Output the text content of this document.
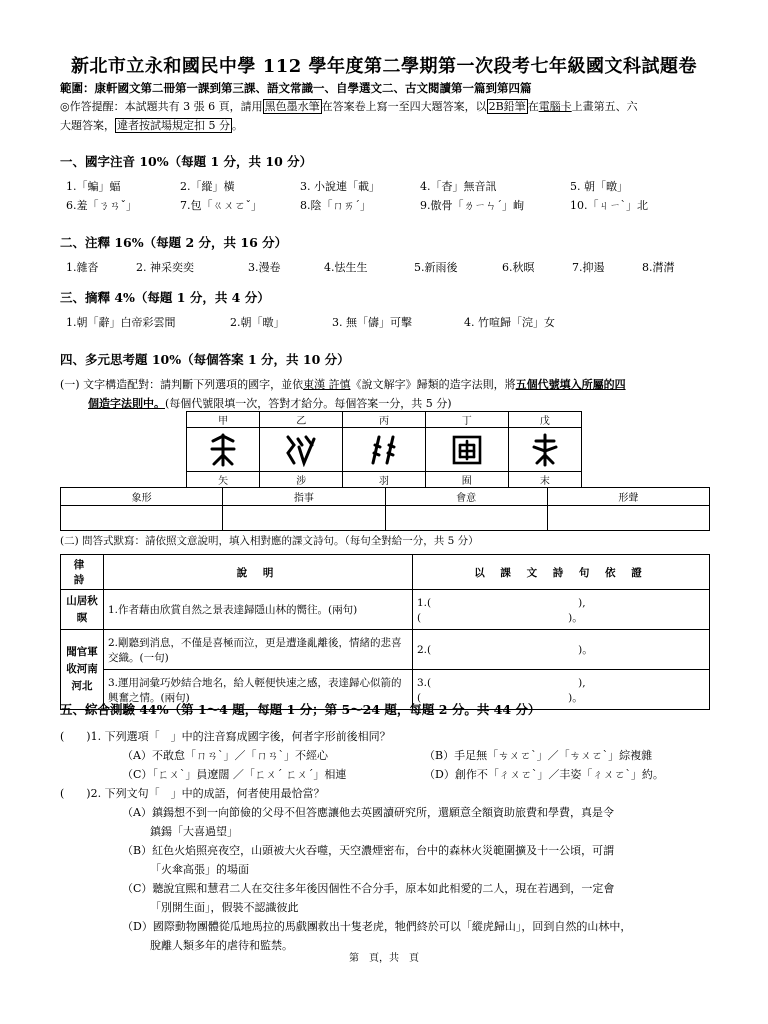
新北市立永和國民中學 112 學年度第二學期第一次段考七年級國文科試題卷
範圍：康軒國文第二冊第一課到第三課、語文常識一、自學選文二、古文閱讀第一篇到第四篇
◎作答提醒：本試題共有 3 張 6 頁，請用 黑色墨水筆 在答案卷上寫一至四大題答案，以 2B鉛筆 在電腦卡上畫第五、六
大題答案， 違者按試場規定扣 5 分 。
一、國字注音 10%（每題 1 分，共 10 分）
1.「蝙」蝠	2.「縱」橫	3. 小說連「載」	4.「杳」無音訊	5. 朝「暾」
6.羞「ㄋㄢˇ」	7.包「ㄍㄨㄛˇ」	8.陰「ㄇㄞˊ」	9.傲骨「ㄌㄧㄣˊ」峋	10.「ㄐㄧˋ」北
二、注釋 16%（每題 2 分，共 16 分）
1.雜沓	2. 神采奕奕	3.漫卷	4.怯生生	5.新雨後	6.秋暝	7.抑遏	8.潸潸
三、摘釋 4%（每題 1 分，共 4 分）
1.朝「辭」白帝彩雲間	2.朝「暾」	3. 無「儔」可擊	4. 竹喧歸「浣」女
四、多元思考題 10%（每個答案 1 分，共 10 分）
(一) 文字構造配對：請判斷下列選項的國字，並依東漢 許慎《說文解字》歸類的造字法則，將五個代號填入所屬的四
個造字法則中。(每個代號限填一次，答對才給分。每個答案一分，共 5 分)
甲	乙	丙	丁	戊

矢	涉	羽	囿	末
象形	指事	會意	形聲

(二) 問答式默寫：請依照文意說明，填入相對應的課文詩句。（每句全對給一分，共 5 分）
律 詩	說 明	以 課 文 詩 句 依 證
山居秋暝	1.作者藉由欣賞自然之景表達歸隱山林的嚮往。(兩句)	1.(　　　　　　　　　　　　　　),(　　　　　　　　　　　　　　)。
聞官軍收河南河北	2.剛聽到消息，不僅是喜極而泣，更是遭逢亂離後，情緒的悲喜交織。(一句)	2.(　　　　　　　　　　　　　　)。
	3.運用詞彙巧妙結合地名，給人輕便快速之感，表達歸心似箭的興奮之情。(兩句)	3.(　　　　　　　　　　　　　　),(　　　　　　　　　　　　　　)。
五、綜合測驗 44%（第 1～4 題，每題 1 分；第 5～24 題，每題 2 分。共 44 分）
(　　)1. 下列選項「　」中的注音寫成國字後，何者字形前後相同？
（A）不敢怠「ㄇㄢˋ」／「ㄇㄢˋ」不經心	（B）手足無「ㄘㄨㄛˋ」／「ㄘㄨㄛˋ」綜複雜
（C）「ㄈㄨˋ」員遼闊 ／「ㄈㄨˊ ㄈㄨˊ」相連	（D）創作不「ㄔㄨㄛˋ」／丰姿「ㄔㄨㄛˋ」約。
(　　)2. 下列文句「　」中的成語，何者使用最恰當？
（A）鎮鍚想不到一向節儉的父母不但答應讓他去英國讀研究所，還願意全額資助旅費和學費，真是令
鎮鍚「大喜過望」
（B）紅色火焰照亮夜空，山頭被大火吞噬，天空濃煙密布，台中的森林火災範圍擴及十一公頃，可謂
「火傘高張」的場面
（C）聽說宜熙和慧君二人在交往多年後因個性不合分手，原本如此相愛的二人，現在若遇到，一定會
「別開生面」，假裝不認識彼此
（D）國際動物團體從瓜地馬拉的馬戲團救出十隻老虎，牠們終於可以「縱虎歸山」，回到自然的山林中，
脫離人類多年的虐待和監禁。
第　頁，共　頁
